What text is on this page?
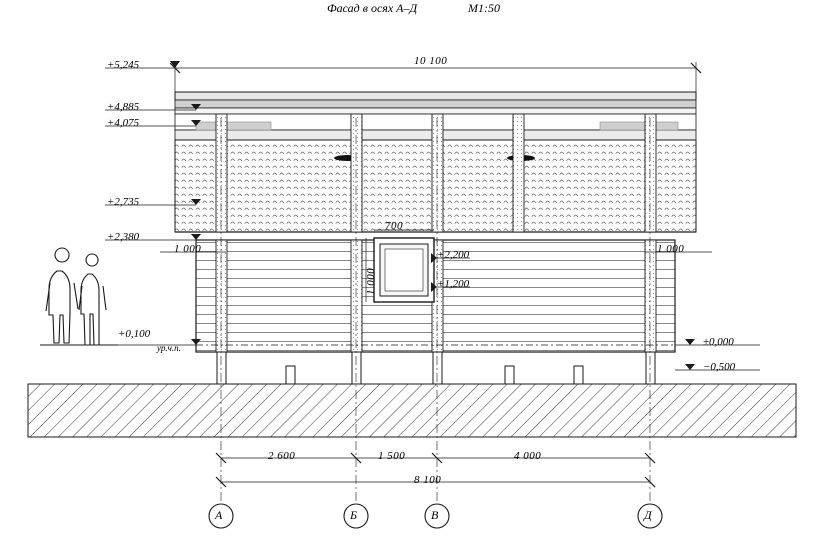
Фасад в осях А–Д	М1:50
10 100
+5,245
+4,885
+4,075
+2,735
+2,380
+0,100
ур.ч.п.	±0,000
−0,500
+2,200
+1,200
1 000	1 000
700
1 000
2 600	1 500	4 000
8 100
А	Б	В	Д
